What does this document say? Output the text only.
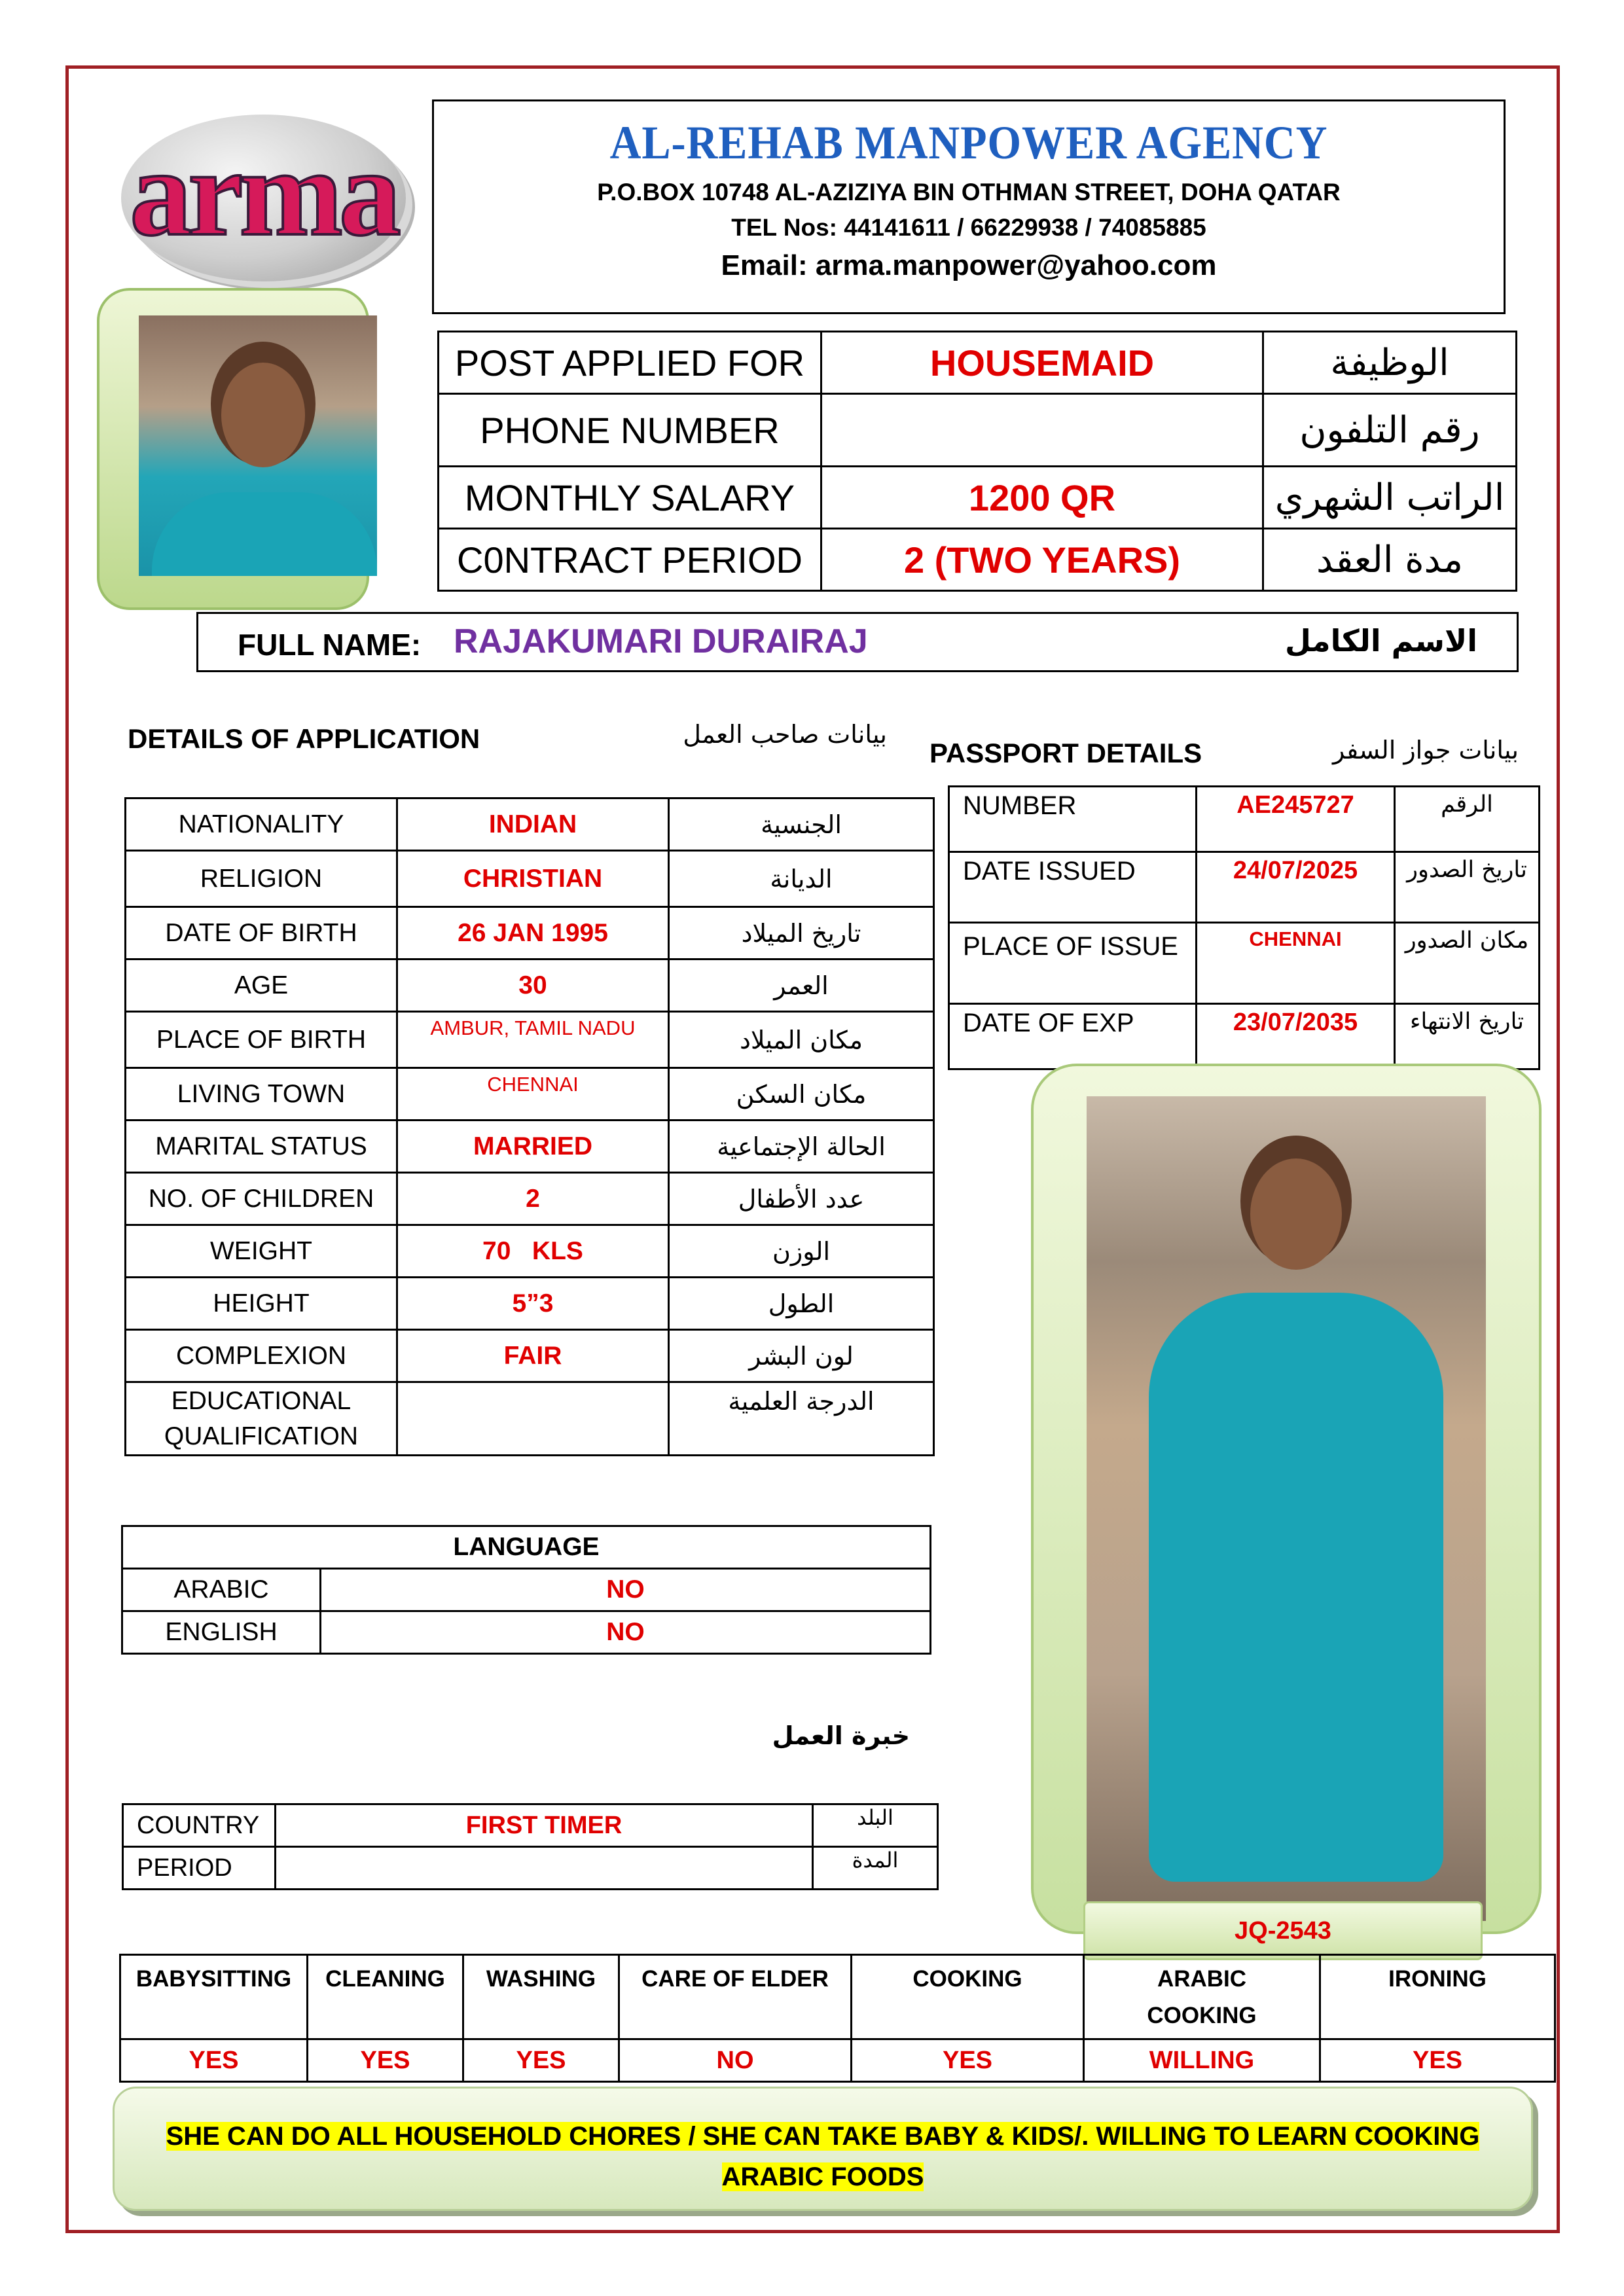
arma	AL-REHAB MANPOWER AGENCY
P.O.BOX 10748 AL-AZIZIYA BIN OTHMAN STREET, DOHA QATAR
TEL Nos: 44141611 / 66229938 / 74085885
Email: arma.manpower@yahoo.com
POST APPLIED FOR	HOUSEMAID	الوظيفة
PHONE NUMBER		رقم التلفون
MONTHLY SALARY	1200 QR	الراتب الشهري
C0NTRACT PERIOD	2 (TWO YEARS)	مدة العقد
FULL NAME: RAJAKUMARI DURAIRAJ	الاسم الكامل
DETAILS OF APPLICATION	بيانات صاحب العمل
NATIONALITY	INDIAN	الجنسية
RELIGION	CHRISTIAN	الديانة
DATE OF BIRTH	26 JAN 1995	تاريخ الميلاد
AGE	30	العمر
PLACE OF BIRTH	AMBUR, TAMIL NADU	مكان الميلاد
LIVING TOWN	CHENNAI	مكان السكن
MARITAL STATUS	MARRIED	الحالة الإجتماعية
NO. OF CHILDREN	2	عدد الأطفال
WEIGHT	70   KLS	الوزن
HEIGHT	5”3	الطول
COMPLEXION	FAIR	لون البشر
EDUCATIONAL QUALIFICATION		الدرجة العلمية
PASSPORT DETAILS	بيانات جواز السفر
NUMBER	AE245727	الرقم
DATE ISSUED	24/07/2025	تاريخ الصدور
PLACE OF ISSUE	CHENNAI	مكان الصدور
DATE OF EXP	23/07/2035	تاريخ الانتهاء
JQ-2543
LANGUAGE	
ARABIC	NO
ENGLISH	NO
خبرة العمل
COUNTRY	FIRST TIMER	البلد
PERIOD		المدة
BABYSITTING	CLEANING	WASHING	CARE OF ELDER	COOKING	ARABIC COOKING	IRONING
YES	YES	YES	NO	YES	WILLING	YES
SHE CAN DO ALL HOUSEHOLD CHORES / SHE CAN TAKE BABY & KIDS/. WILLING TO LEARN COOKING ARABIC FOODS
